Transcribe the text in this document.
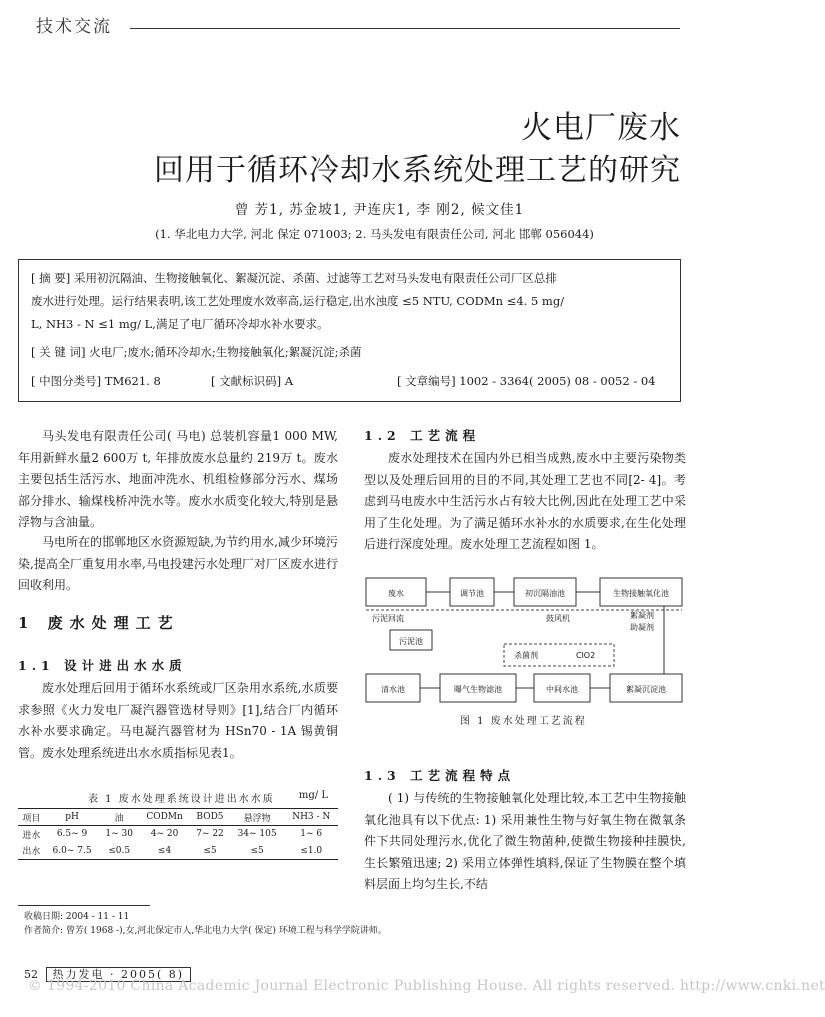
技术交流
火电厂废水
回用于循环冷却水系统处理工艺的研究
曾 芳1, 苏金坡1, 尹连庆1, 李 刚2, 候文佳1
(1. 华北电力大学, 河北 保定 071003; 2. 马头发电有限责任公司, 河北 邯郸 056044)
[ 摘 要] 采用初沉隔油、生物接触氧化、絮凝沉淀、杀菌、过滤等工艺对马头发电有限责任公司厂区总排
废水进行处理。运行结果表明,该工艺处理废水效率高,运行稳定,出水浊度 ≤5 NTU, CODMn ≤4. 5 mg/
L, NH3 - N ≤1 mg/ L,满足了电厂循环冷却水补水要求。
[ 关 键 词] 火电厂;废水;循环冷却水;生物接触氧化;絮凝沉淀;杀菌
[ 中图分类号] TM621. 8	[ 文献标识码] A	[ 文章编号] 1002 - 3364( 2005) 08 - 0052 - 04
马头发电有限责任公司( 马电) 总装机容量1 000 MW, 年用新鲜水量2 600万 t, 年排放废水总量约 219万 t。废水主要包括生活污水、地面冲洗水、机组检修部分污水、煤场部分排水、输煤栈桥冲洗水等。废水水质变化较大,特别是悬浮物与含油量。
马电所在的邯郸地区水资源短缺,为节约用水,减少环境污染,提高全厂重复用水率,马电投建污水处理厂对厂区废水进行回收利用。
1 废水处理工艺
1.1 设计进出水水质
废水处理后回用于循环水系统或厂区杂用水系统,水质要求参照《火力发电厂凝汽器管选材导则》[1],结合厂内循环水补水要求确定。马电凝汽器管材为 HSn70 - 1A 锡黄铜管。废水处理系统进出水水质指标见表1。
表 1 废水处理系统设计进出水水质 mg/ L
项目	pH	油	CODMn	BOD5	悬浮物	NH3 - N
进水	6.5~ 9	1~ 30	4~ 20	7~ 22	34~ 105	1~ 6
出水	6.0~ 7.5	≤0.5	≤4	≤5	≤5	≤1.0
1.2 工艺流程
废水处理技术在国内外已相当成熟,废水中主要污染物类型以及处理后回用的目的不同,其处理工艺也不同[2- 4]。考虑到马电废水中生活污水占有较大比例,因此在处理工艺中采用了生化处理。为了满足循环水补水的水质要求,在生化处理后进行深度处理。废水处理工艺流程如图 1。
废水	调节池	初沉隔油池	生物接触氧化池
污泥回流	鼓风机	絮凝剂
助凝剂
污泥池
杀菌剂	ClO2
清水池	曝气生物滤池	中间水池	絮凝沉淀池
图 1 废水处理工艺流程
1.3 工艺流程特点
( 1) 与传统的生物接触氧化处理比较,本工艺中生物接触氧化池具有以下优点: 1) 采用兼性生物与好氧生物在微氧条件下共同处理污水,优化了微生物菌种,使微生物接种挂膜快,生长繁殖迅速; 2) 采用立体弹性填料,保证了生物膜在整个填料层面上均匀生长,不结
收稿日期: 2004 - 11 - 11
作者简介: 曾芳( 1968 -),女,河北保定市人,华北电力大学( 保定) 环境工程与科学学院讲师。
52 热力发电 · 2005( 8)
© 1994-2010 China Academic Journal Electronic Publishing House. All rights reserved. http://www.cnki.net
